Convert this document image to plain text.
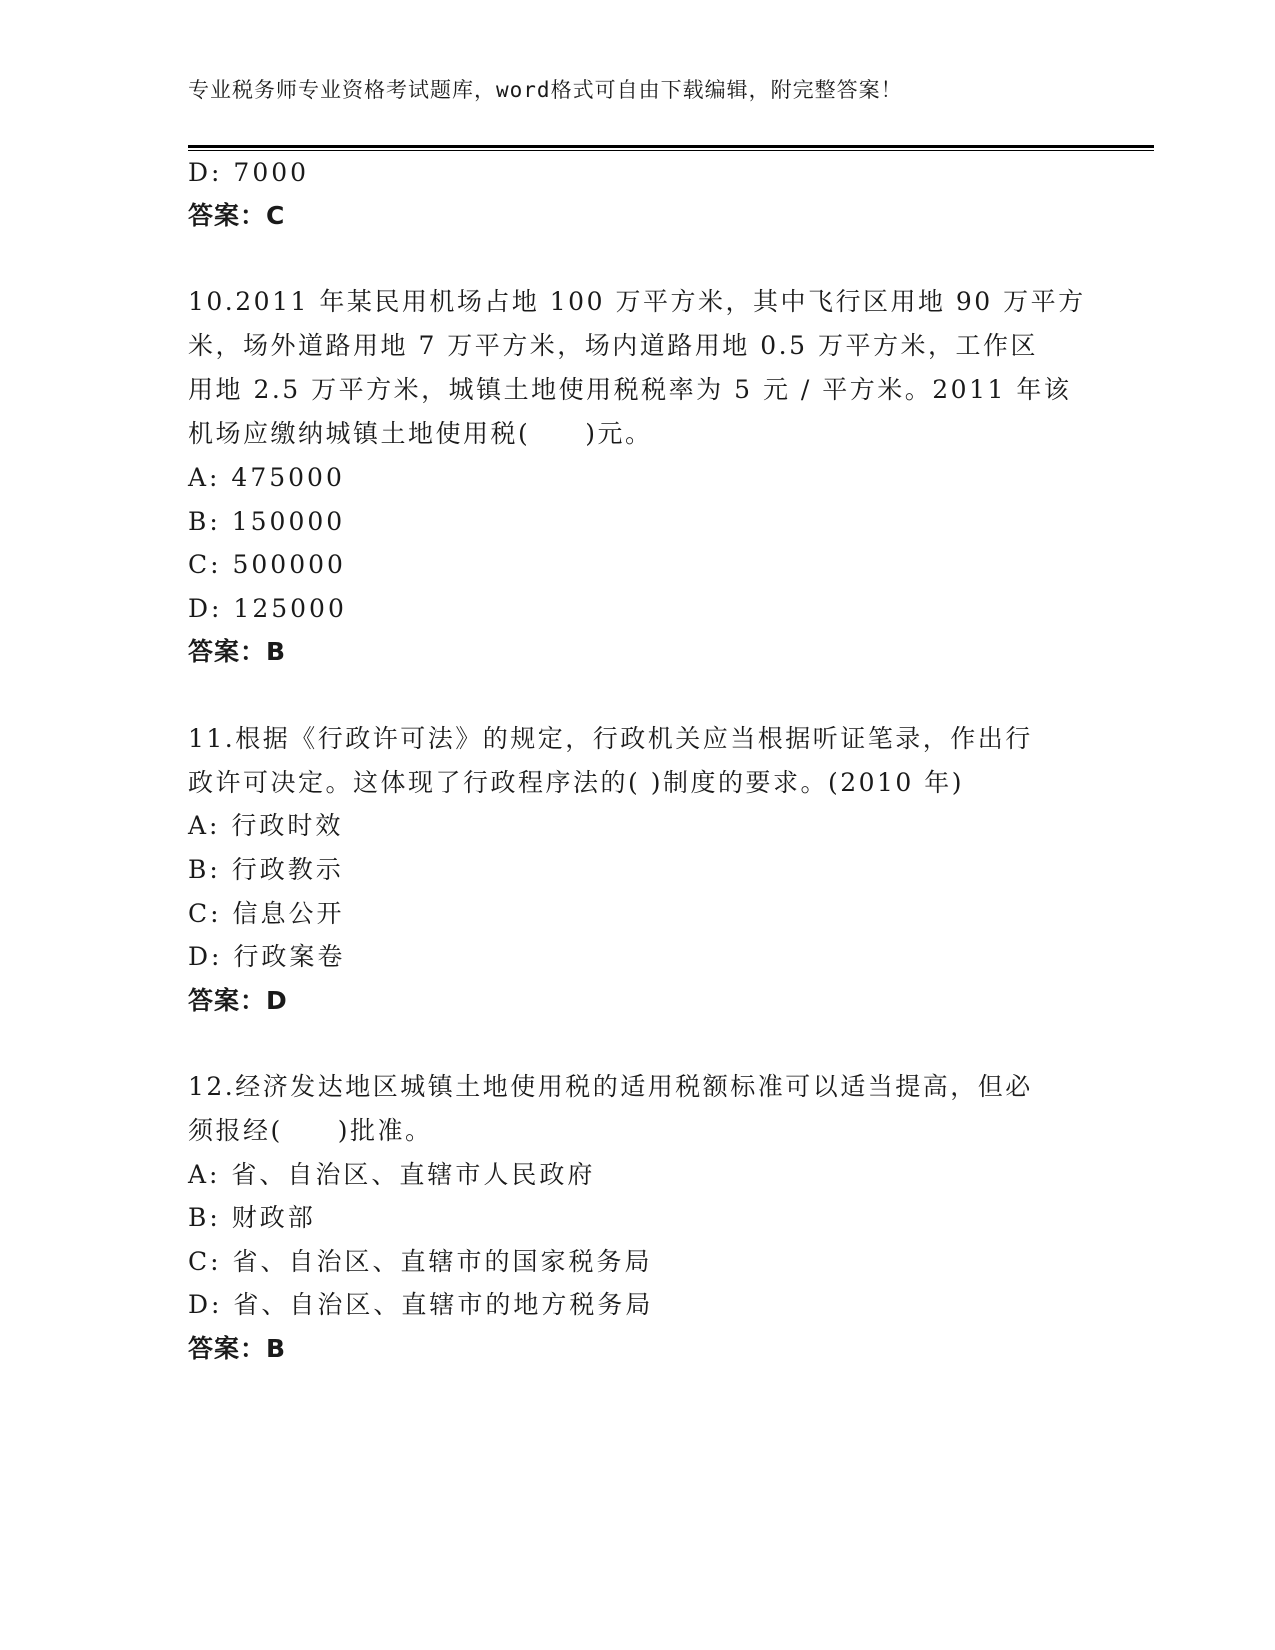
专业税务师专业资格考试题库，word格式可自由下载编辑，附完整答案！
D: 7000
答案：C
10.2011 年某民用机场占地 100 万平方米，其中飞行区用地 90 万平方
米，场外道路用地 7 万平方米，场内道路用地 0.5 万平方米，工作区
用地 2.5 万平方米，城镇土地使用税税率为 5 元 / 平方米。2011 年该
机场应缴纳城镇土地使用税(　　)元。
A: 475000
B: 150000
C: 500000
D: 125000
答案：B
11.根据《行政许可法》的规定，行政机关应当根据听证笔录，作出行
政许可决定。这体现了行政程序法的( )制度的要求。(2010 年)
A: 行政时效
B: 行政教示
C: 信息公开
D: 行政案卷
答案：D
12.经济发达地区城镇土地使用税的适用税额标准可以适当提高，但必
须报经(　　)批准。
A: 省、自治区、直辖市人民政府
B: 财政部
C: 省、自治区、直辖市的国家税务局
D: 省、自治区、直辖市的地方税务局
答案：B
